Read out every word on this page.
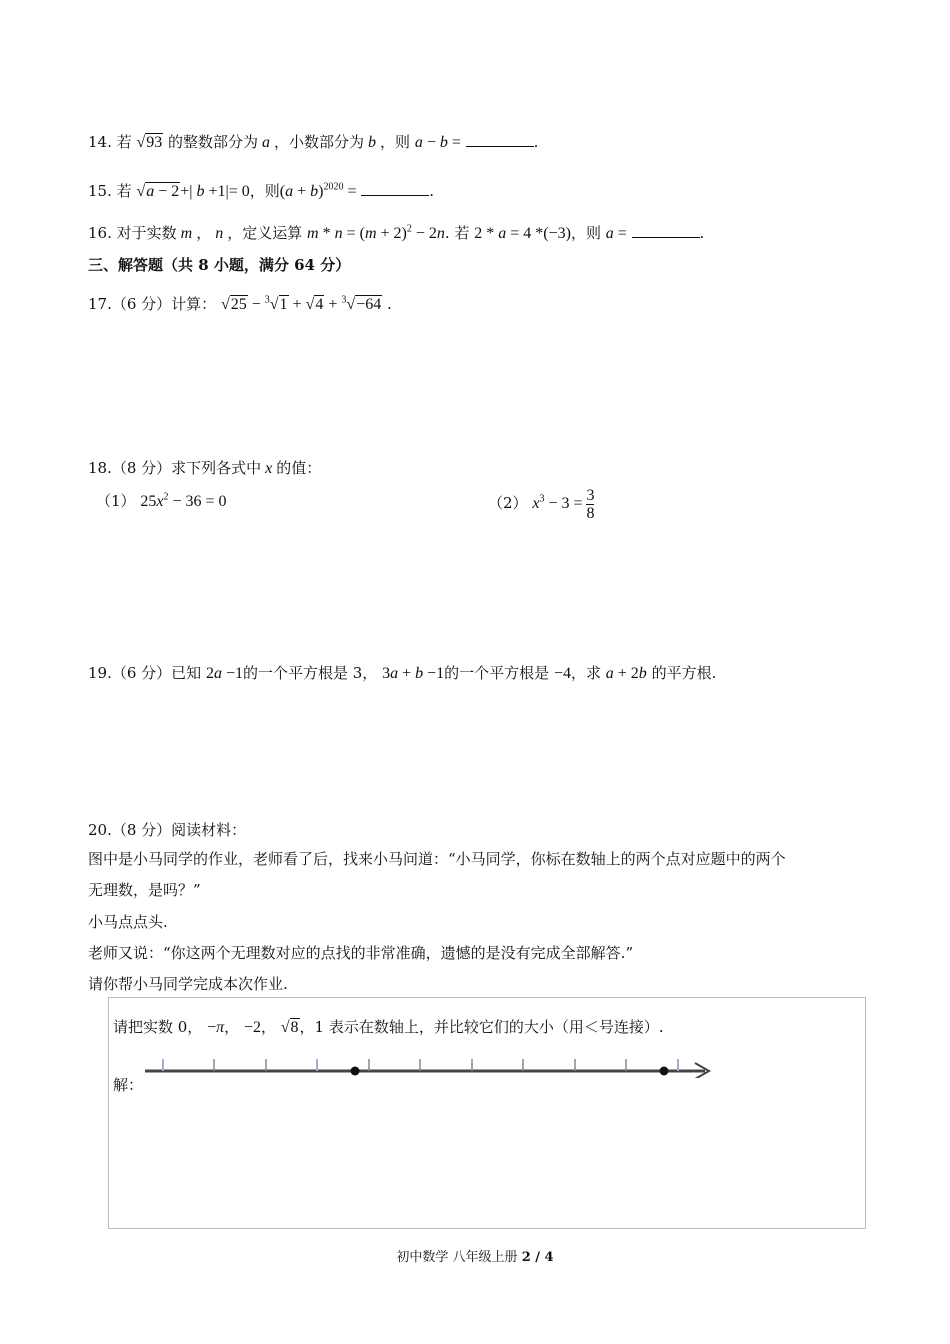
14. 若 √93 的整数部分为 a ，小数部分为 b ，则 a − b =	.
15. 若 √a − 2+| b +1|= 0，则$(a + b)^{2020}$ =	.
16. 对于实数 m ， n ，定义运算 $m * n = (m + 2)^2 - 2n$. 若 2 * a = 4 *(−3)，则 a =	.
三、解答题（共 8 小题，满分 64 分）
17.（6 分）计算： √25 − $^3$√1 + √4 + $^3$√−64 .
18.（8 分）求下列各式中 x 的值：
（1） $25x^2 - 36 = 0$	（2） $x^3 - 3 = \frac{3}{8}$
19.（6 分）已知 2a −1的一个平方根是 3， 3a + b −1的一个平方根是 −4，求 a + 2b 的平方根.
20.（8 分）阅读材料：
图中是小马同学的作业，老师看了后，找来小马问道：“小马同学，你标在数轴上的两个点对应题中的两个
无理数，是吗？”
小马点点头.
老师又说：“你这两个无理数对应的点找的非常准确，遗憾的是没有完成全部解答.”
请你帮小马同学完成本次作业.
请把实数 0， −π， −2， √8，1 表示在数轴上，并比较它们的大小（用＜号连接）.
解：
初中数学 八年级上册 2 / 4
